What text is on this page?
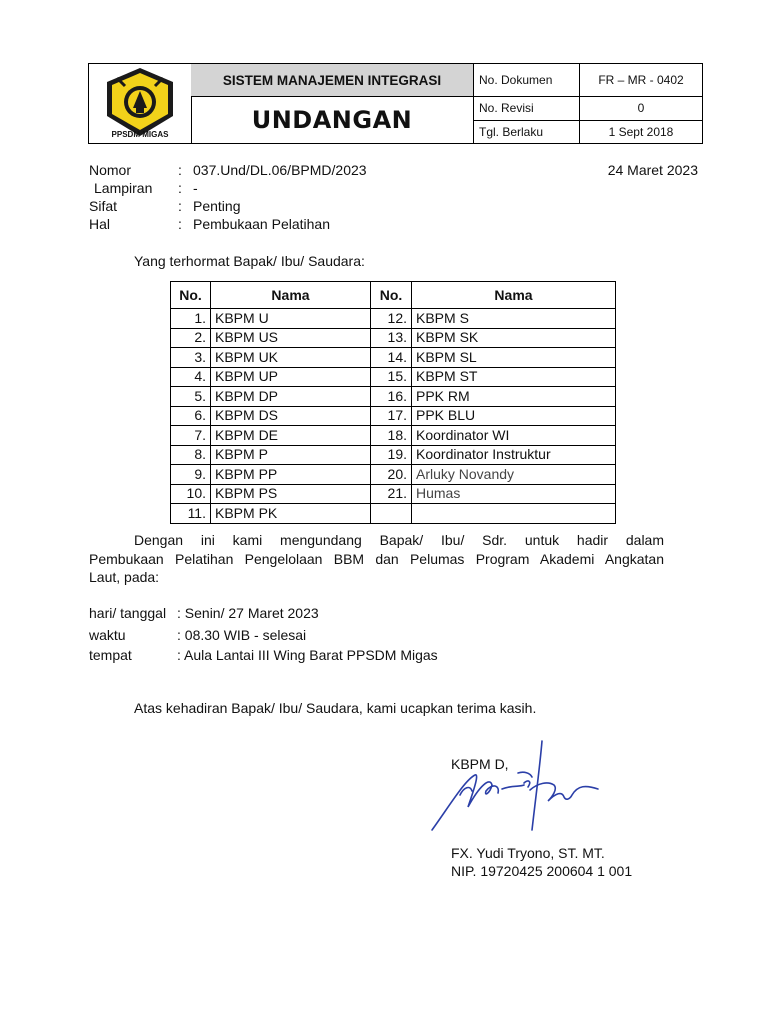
PPSDM MIGAS
SISTEM MANAJEMEN INTEGRASI
UNDANGAN
No. Dokumen	FR – MR - 0402
No. Revisi	0
Tgl. Berlaku	1 Sept 2018
Nomor	: 037.Und/DL.06/BPMD/2023	24 Maret 2023
Lampiran : -
Sifat	: Penting
Hal	: Pembukaan Pelatihan
Yang terhormat Bapak/ Ibu/ Saudara:
No.	Nama	No.	Nama
1.	KBPM U	12.	KBPM S
2.	KBPM US	13.	KBPM SK
3.	KBPM UK	14.	KBPM SL
4.	KBPM UP	15.	KBPM ST
5.	KBPM DP	16.	PPK RM
6.	KBPM DS	17.	PPK BLU
7.	KBPM DE	18.	Koordinator WI
8.	KBPM P	19.	Koordinator Instruktur
9.	KBPM PP	20.	Arluky Novandy
10.	KBPM PS	21.	Humas
11.	KBPM PK		
Dengan ini kami mengundang Bapak/ Ibu/ Sdr. untuk hadir dalam
Pembukaan Pelatihan Pengelolaan BBM dan Pelumas Program Akademi Angkatan
Laut, pada:
hari/ tanggal : Senin/ 27 Maret 2023
waktu	: 08.30 WIB - selesai
tempat	: Aula Lantai III Wing Barat PPSDM Migas
Atas kehadiran Bapak/ Ibu/ Saudara, kami ucapkan terima kasih.
KBPM D,
FX. Yudi Tryono, ST. MT.
NIP. 19720425 200604 1 001
